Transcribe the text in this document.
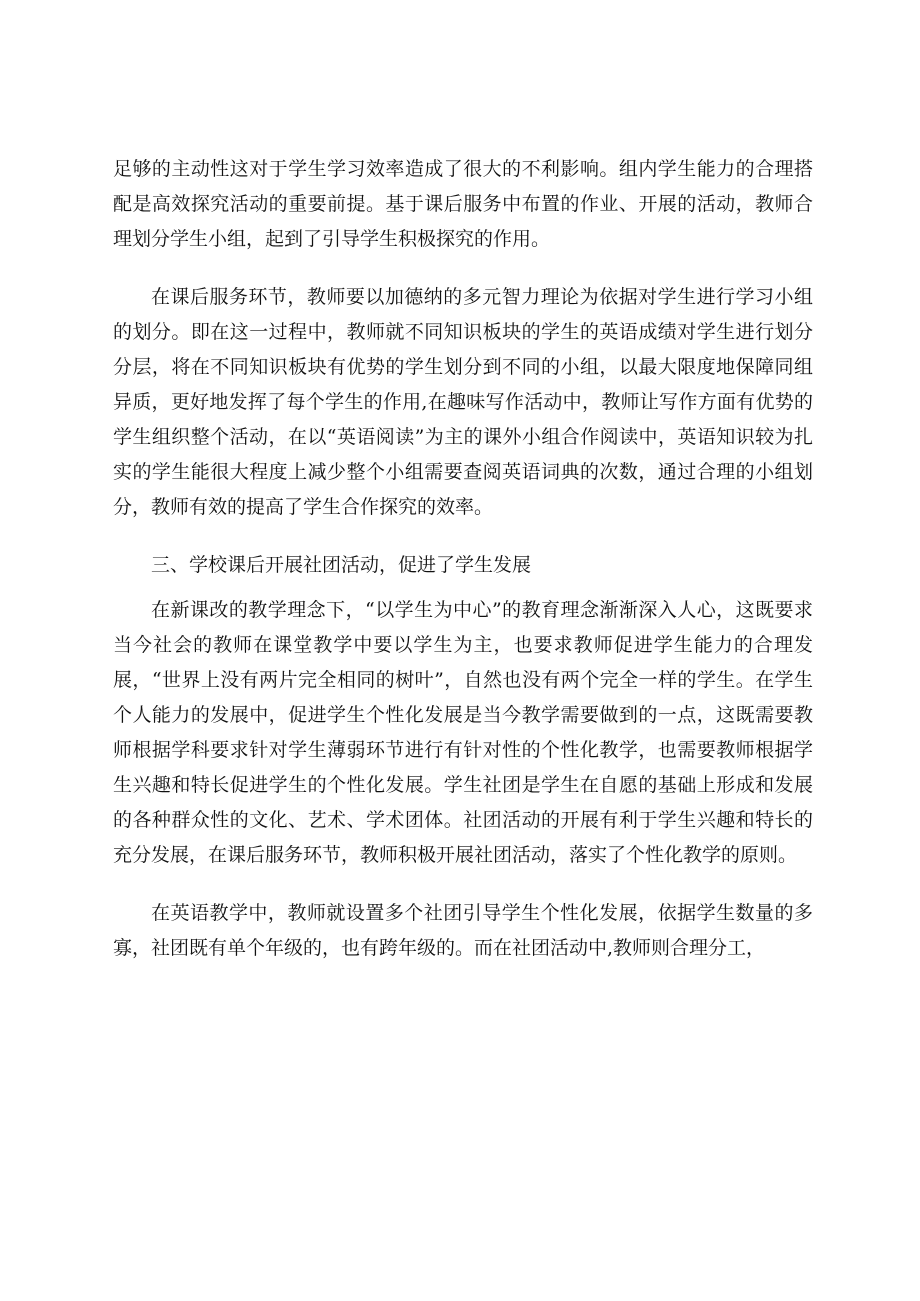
足够的主动性这对于学生学习效率造成了很大的不利影响。组内学生能力的合理搭配是高效探究活动的重要前提。基于课后服务中布置的作业、开展的活动，教师合理划分学生小组，起到了引导学生积极探究的作用。

在课后服务环节，教师要以加德纳的多元智力理论为依据对学生进行学习小组的划分。即在这一过程中，教师就不同知识板块的学生的英语成绩对学生进行划分分层，将在不同知识板块有优势的学生划分到不同的小组，以最大限度地保障同组异质，更好地发挥了每个学生的作用,在趣味写作活动中，教师让写作方面有优势的学生组织整个活动，在以“英语阅读”为主的课外小组合作阅读中，英语知识较为扎实的学生能很大程度上减少整个小组需要查阅英语词典的次数，通过合理的小组划分，教师有效的提高了学生合作探究的效率。

三、学校课后开展社团活动，促进了学生发展

在新课改的教学理念下，“以学生为中心”的教育理念渐渐深入人心，这既要求当今社会的教师在课堂教学中要以学生为主，也要求教师促进学生能力的合理发展，“世界上没有两片完全相同的树叶”，自然也没有两个完全一样的学生。在学生个人能力的发展中，促进学生个性化发展是当今教学需要做到的一点，这既需要教师根据学科要求针对学生薄弱环节进行有针对性的个性化教学，也需要教师根据学生兴趣和特长促进学生的个性化发展。学生社团是学生在自愿的基础上形成和发展的各种群众性的文化、艺术、学术团体。社团活动的开展有利于学生兴趣和特长的充分发展，在课后服务环节，教师积极开展社团活动，落实了个性化教学的原则。

在英语教学中，教师就设置多个社团引导学生个性化发展，依据学生数量的多寡，社团既有单个年级的，也有跨年级的。而在社团活动中,教师则合理分工，
